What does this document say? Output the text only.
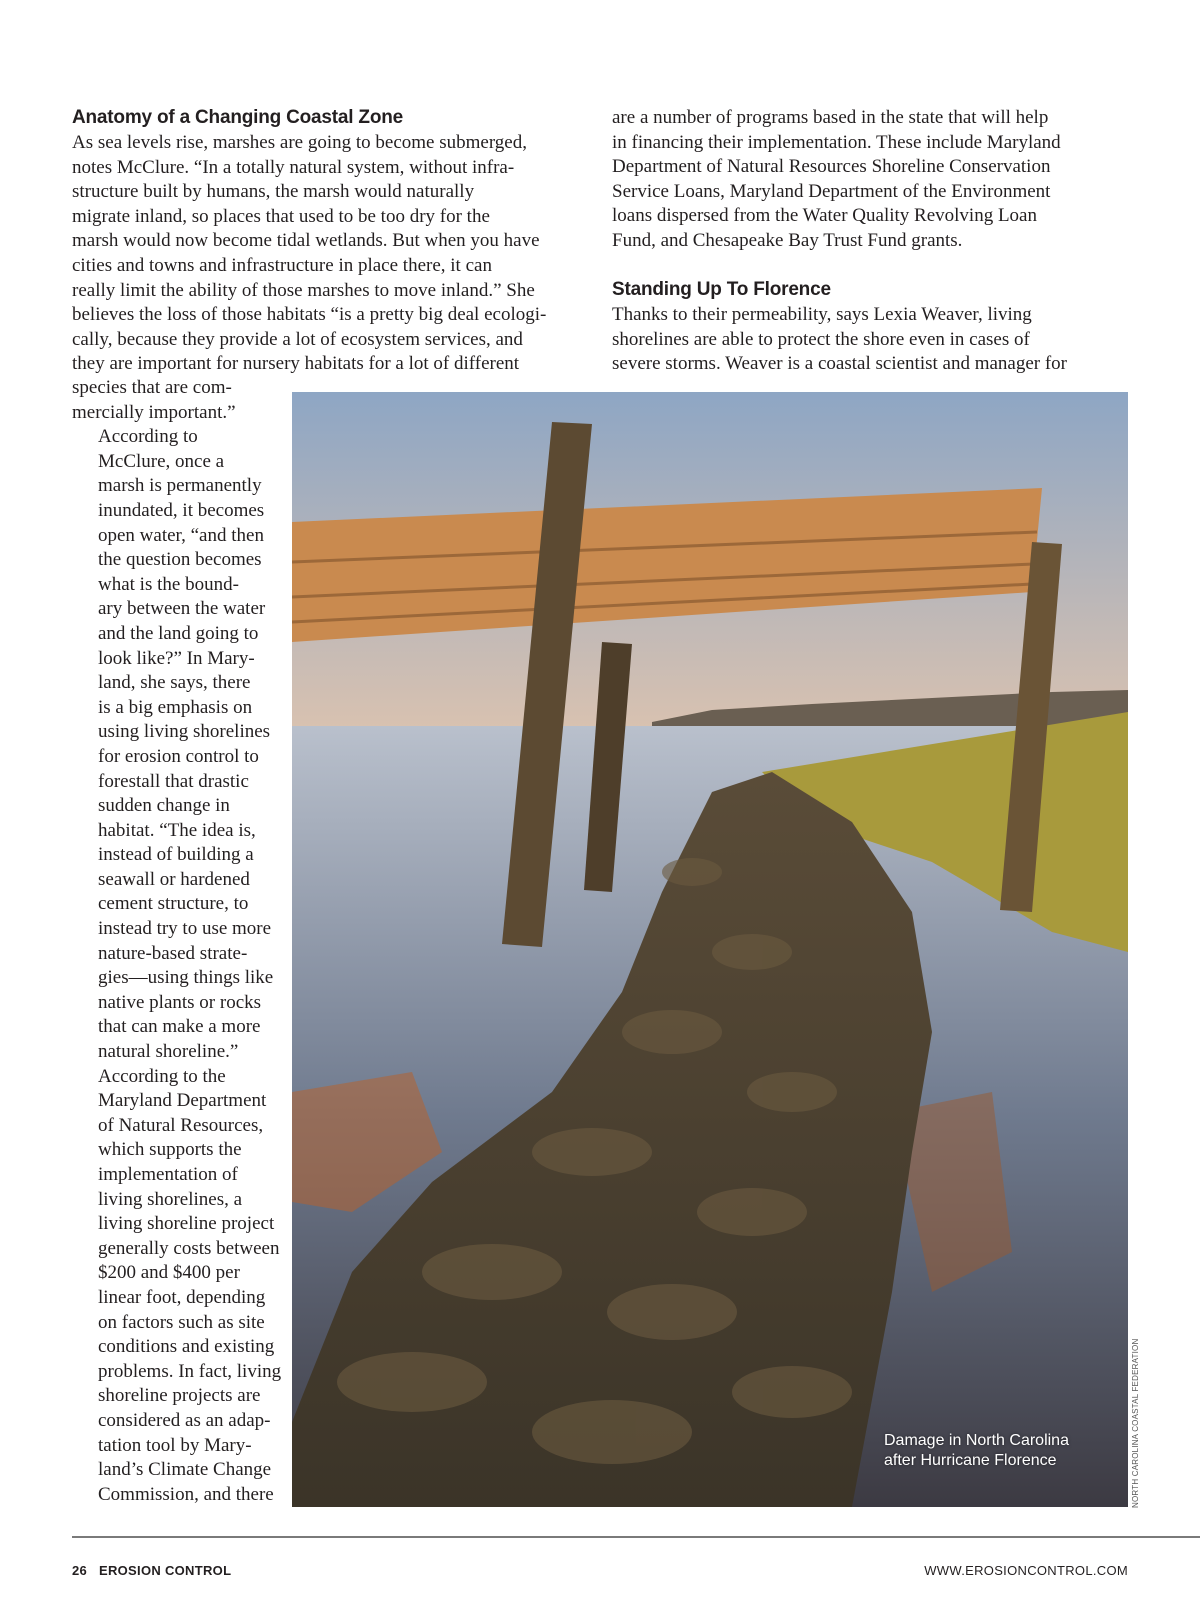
Anatomy of a Changing Coastal Zone
As sea levels rise, marshes are going to become submerged,
notes McClure. “In a totally natural system, without infra-
structure built by humans, the marsh would naturally
migrate inland, so places that used to be too dry for the
marsh would now become tidal wetlands. But when you have
cities and towns and infrastructure in place there, it can
really limit the ability of those marshes to move inland.” She
believes the loss of those habitats “is a pretty big deal ecologi-
cally, because they provide a lot of ecosystem services, and
they are important for nursery habitats for a lot of different
species that are com-
mercially important.”
According to
McClure, once a
marsh is permanently
inundated, it becomes
open water, “and then
the question becomes
what is the bound-
ary between the water
and the land going to
look like?” In Mary-
land, she says, there
is a big emphasis on
using living shorelines
for erosion control to
forestall that drastic
sudden change in
habitat. “The idea is,
instead of building a
seawall or hardened
cement structure, to
instead try to use more
nature-based strate-
gies—using things like
native plants or rocks
that can make a more
natural shoreline.”
According to the
Maryland Department
of Natural Resources,
which supports the
implementation of
living shorelines, a
living shoreline project
generally costs between
$200 and $400 per
linear foot, depending
on factors such as site
conditions and existing
problems. In fact, living
shoreline projects are
considered as an adap-
tation tool by Mary-
land’s Climate Change
Commission, and there
are a number of programs based in the state that will help
in financing their implementation. These include Maryland
Department of Natural Resources Shoreline Conservation
Service Loans, Maryland Department of the Environment
loans dispersed from the Water Quality Revolving Loan
Fund, and Chesapeake Bay Trust Fund grants.
Standing Up To Florence
Thanks to their permeability, says Lexia Weaver, living
shorelines are able to protect the shore even in cases of
severe storms. Weaver is a coastal scientist and manager for
Damage in North Carolina
after Hurricane Florence	NORTH CAROLINA COASTAL FEDERATION
26 EROSION CONTROL	WWW.EROSIONCONTROL.COM
